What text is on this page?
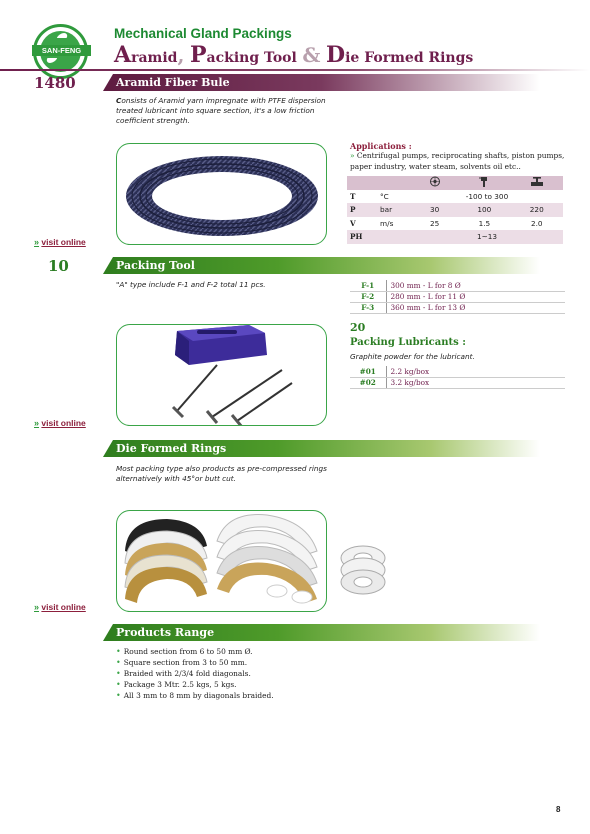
SAN-FENG
Mechanical Gland Packings
Aramid, Packing Tool & Die Formed Rings
1480	Aramid Fiber Bule
Consists of Aramid yarn impregnate with PTFE dispersion treated lubricant into square section, it's a low friction coefficient strength.
» visit online
Applications :
» Centrifugal pumps, reciprocating shafts, piston pumps, paper industry, water steam, solvents oil etc..

T	°C	-100 to 300		
P	bar	30	100	220
V	m/s	25	1.5	2.0
PH		1~13		
10	Packing Tool
"A" type include F-1 and F-2 total 11 pcs.
» visit online
F-1	300 mm - L for 8 Ø
F-2	280 mm - L for 11 Ø
F-3	360 mm - L for 13 Ø
20
Packing Lubricants :
Graphite powder for the lubricant.
#01	2.2 kg/box
#02	3.2 kg/box
Die Formed Rings
Most packing type also products as pre-compressed rings alternatively with 45°or butt cut.
» visit online
Products Range
• Round section from 6 to 50 mm Ø.
• Square section from 3 to 50 mm.
• Braided with 2/3/4 fold diagonals.
• Package 3 Mtr. 2.5 kgs, 5 kgs.
• All 3 mm to 8 mm by diagonals braided.
8
